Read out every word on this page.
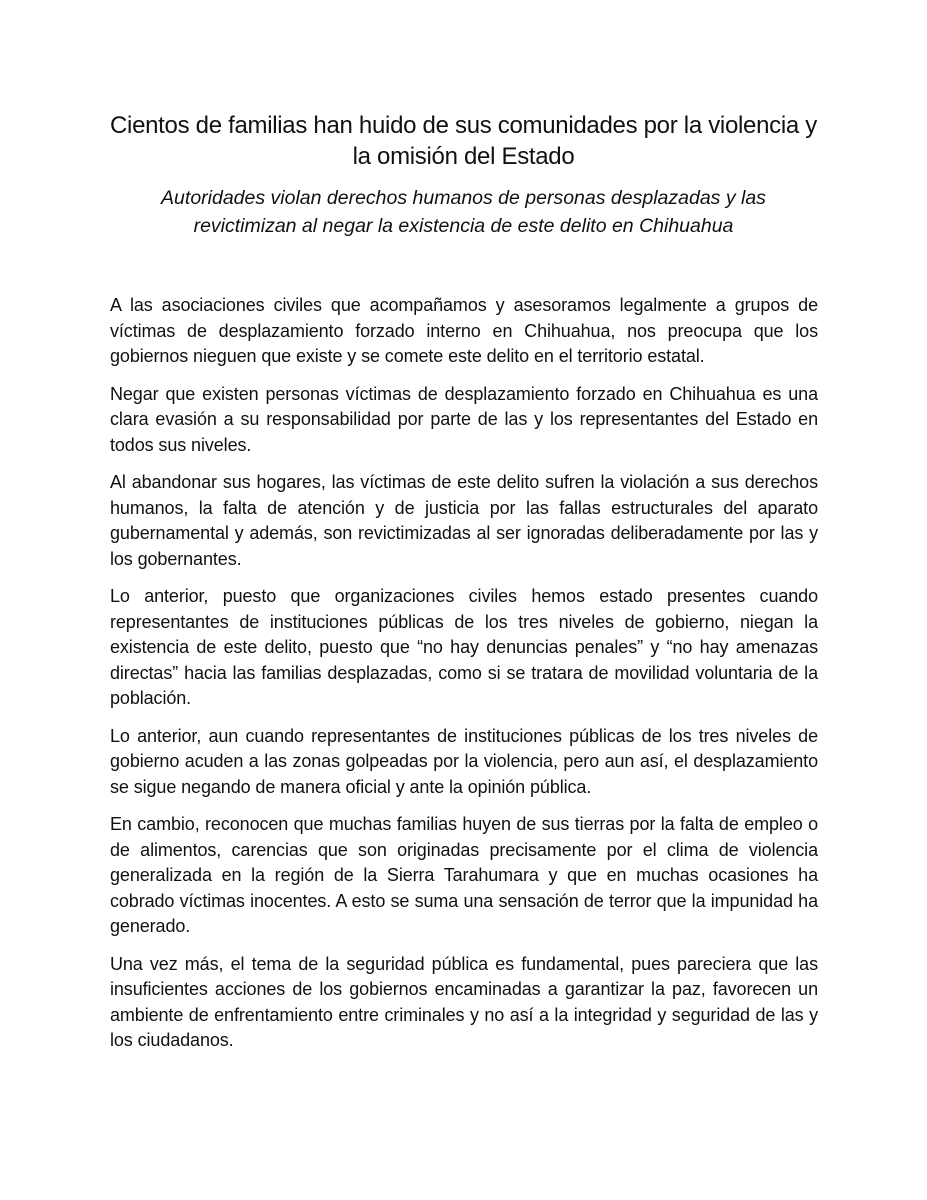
Cientos de familias han huido de sus comunidades por la violencia y la omisión del Estado
Autoridades violan derechos humanos de personas desplazadas y las revictimizan al negar la existencia de este delito en Chihuahua

A las asociaciones civiles que acompañamos y asesoramos legalmente a grupos de víctimas de desplazamiento forzado interno en Chihuahua, nos preocupa que los gobiernos nieguen que existe y se comete este delito en el territorio estatal.

Negar que existen personas víctimas de desplazamiento forzado en Chihuahua es una clara evasión a su responsabilidad por parte de las y los representantes del Estado en todos sus niveles.

Al abandonar sus hogares, las víctimas de este delito sufren la violación a sus derechos humanos, la falta de atención y de justicia por las fallas estructurales del aparato gubernamental y además, son revictimizadas al ser ignoradas deliberadamente por las y los gobernantes.

Lo anterior, puesto que organizaciones civiles hemos estado presentes cuando representantes de instituciones públicas de los tres niveles de gobierno, niegan la existencia de este delito, puesto que “no hay denuncias penales” y “no hay amenazas directas” hacia las familias desplazadas, como si se tratara de movilidad voluntaria de la población.

Lo anterior, aun cuando representantes de instituciones públicas de los tres niveles de gobierno acuden a las zonas golpeadas por la violencia, pero aun así, el desplazamiento se sigue negando de manera oficial y ante la opinión pública.

En cambio, reconocen que muchas familias huyen de sus tierras por la falta de empleo o de alimentos, carencias que son originadas precisamente por el clima de violencia generalizada en la región de la Sierra Tarahumara y que en muchas ocasiones ha cobrado víctimas inocentes. A esto se suma una sensación de terror que la impunidad ha generado.

Una vez más, el tema de la seguridad pública es fundamental, pues pareciera que las insuficientes acciones de los gobiernos encaminadas a garantizar la paz, favorecen un ambiente de enfrentamiento entre criminales y no así a la integridad y seguridad de las y los ciudadanos.
